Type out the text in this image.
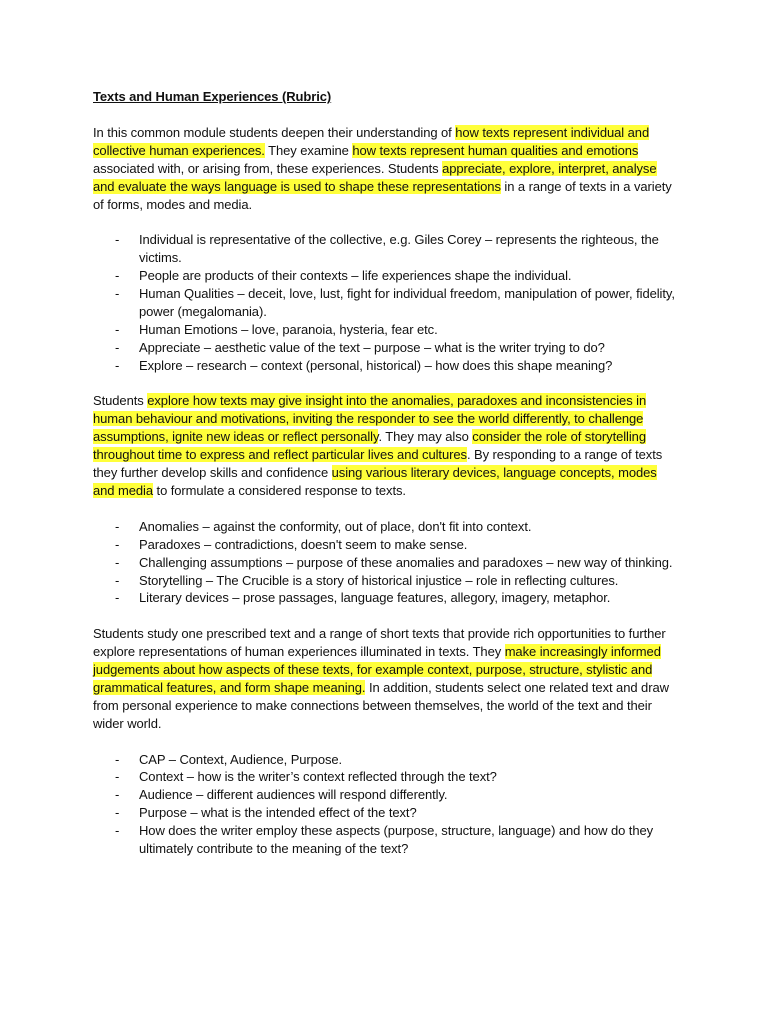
Texts and Human Experiences (Rubric)

In this common module students deepen their understanding of how texts represent individual and collective human experiences. They examine how texts represent human qualities and emotions associated with, or arising from, these experiences. Students appreciate, explore, interpret, analyse and evaluate the ways language is used to shape these representations in a range of texts in a variety of forms, modes and media.

- Individual is representative of the collective, e.g. Giles Corey – represents the righteous, the victims.
- People are products of their contexts – life experiences shape the individual.
- Human Qualities – deceit, love, lust, fight for individual freedom, manipulation of power, fidelity, power (megalomania).
- Human Emotions – love, paranoia, hysteria, fear etc.
- Appreciate – aesthetic value of the text – purpose – what is the writer trying to do?
- Explore – research – context (personal, historical) – how does this shape meaning?

Students explore how texts may give insight into the anomalies, paradoxes and inconsistencies in human behaviour and motivations, inviting the responder to see the world differently, to challenge assumptions, ignite new ideas or reflect personally. They may also consider the role of storytelling throughout time to express and reflect particular lives and cultures. By responding to a range of texts they further develop skills and confidence using various literary devices, language concepts, modes and media to formulate a considered response to texts.

- Anomalies – against the conformity, out of place, don't fit into context.
- Paradoxes – contradictions, doesn't seem to make sense.
- Challenging assumptions – purpose of these anomalies and paradoxes – new way of thinking.
- Storytelling – The Crucible is a story of historical injustice – role in reflecting cultures.
- Literary devices – prose passages, language features, allegory, imagery, metaphor.

Students study one prescribed text and a range of short texts that provide rich opportunities to further explore representations of human experiences illuminated in texts. They make increasingly informed judgements about how aspects of these texts, for example context, purpose, structure, stylistic and grammatical features, and form shape meaning. In addition, students select one related text and draw from personal experience to make connections between themselves, the world of the text and their wider world.

- CAP – Context, Audience, Purpose.
- Context – how is the writer’s context reflected through the text?
- Audience – different audiences will respond differently.
- Purpose – what is the intended effect of the text?
- How does the writer employ these aspects (purpose, structure, language) and how do they ultimately contribute to the meaning of the text?
